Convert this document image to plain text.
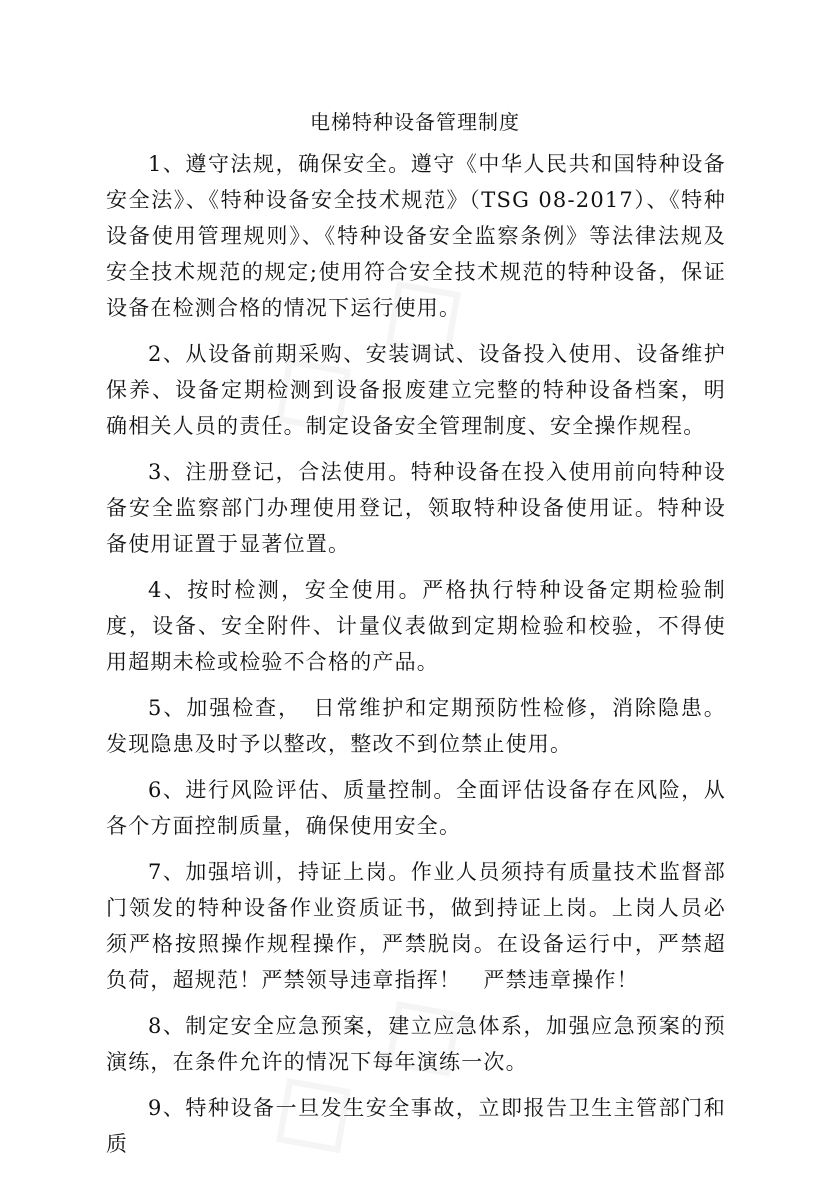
电梯特种设备管理制度

1、遵守法规，确保安全。遵守《中华人民共和国特种设备安全法》、《特种设备安全技术规范》（TSG 08-2017）、《特种设备使用管理规则》、《特种设备安全监察条例》等法律法规及安全技术规范的规定;使用符合安全技术规范的特种设备，保证设备在检测合格的情况下运行使用。

2、从设备前期采购、安装调试、设备投入使用、设备维护保养、设备定期检测到设备报废建立完整的特种设备档案，明确相关人员的责任。制定设备安全管理制度、安全操作规程。

3、注册登记，合法使用。特种设备在投入使用前向特种设备安全监察部门办理使用登记，领取特种设备使用证。特种设备使用证置于显著位置。

4、按时检测，安全使用。严格执行特种设备定期检验制度，设备、安全附件、计量仪表做到定期检验和校验，不得使用超期未检或检验不合格的产品。

5、加强检查，　日常维护和定期预防性检修，消除隐患。发现隐患及时予以整改，整改不到位禁止使用。

6、进行风险评估、质量控制。全面评估设备存在风险，从各个方面控制质量，确保使用安全。

7、加强培训，持证上岗。作业人员须持有质量技术监督部门领发的特种设备作业资质证书，做到持证上岗。上岗人员必须严格按照操作规程操作，严禁脱岗。在设备运行中，严禁超负荷，超规范！严禁领导违章指挥！　严禁违章操作！

8、制定安全应急预案，建立应急体系，加强应急预案的预演练，在条件允许的情况下每年演练一次。

9、特种设备一旦发生安全事故，立即报告卫生主管部门和质
